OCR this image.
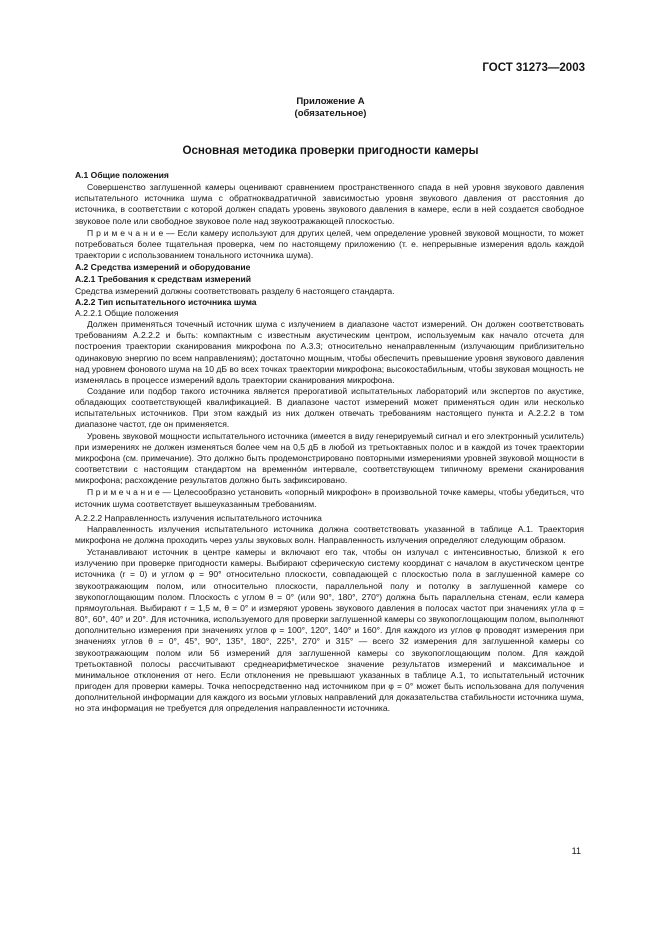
ГОСТ 31273—2003
Приложение А
(обязательное)
Основная методика проверки пригодности камеры

А.1 Общие положения

Совершенство заглушенной камеры оценивают сравнением пространственного спада в ней уровня звукового давления испытательного источника шума с обратноквадратичной зависимостью уровня звукового давления от расстояния до источника, в соответствии с которой должен спадать уровень звукового давления в камере, если в ней создается свободное звуковое поле или свободное звуковое поле над звукоотражающей плоскостью.

П р и м е ч а н и е — Если камеру используют для других целей, чем определение уровней звуковой мощности, то может потребоваться более тщательная проверка, чем по настоящему приложению (т. е. непрерывные измерения вдоль каждой траектории с использованием тонального источника шума).

А.2 Средства измерений и оборудование

А.2.1 Требования к средствам измерений

Средства измерений должны соответствовать разделу 6 настоящего стандарта.

А.2.2 Тип испытательного источника шума

А.2.2.1 Общие положения

Должен применяться точечный источник шума с излучением в диапазоне частот измерений. Он должен соответствовать требованиям А.2.2.2 и быть: компактным с известным акустическим центром, используемым как начало отсчета для построения траектории сканирования микрофона по А.3.3; относительно ненаправленным (излучающим приблизительно одинаковую энергию по всем направлениям); достаточно мощным, чтобы обеспечить превышение уровня звукового давления над уровнем фонового шума на 10 дБ во всех точках траектории микрофона; высокостабильным, чтобы звуковая мощность не изменялась в процессе измерений вдоль траектории сканирования микрофона.

Создание или подбор такого источника является прерогативой испытательных лабораторий или экспертов по акустике, обладающих соответствующей квалификацией. В диапазоне частот измерений может применяться один или несколько испытательных источников. При этом каждый из них должен отвечать требованиям настоящего пункта и А.2.2.2 в том диапазоне частот, где он применяется.

Уровень звуковой мощности испытательного источника (имеется в виду генерируемый сигнал и его электронный усилитель) при измерениях не должен изменяться более чем на 0,5 дБ в любой из третьоктавных полос и в каждой из точек траектории микрофона (см. примечание). Это должно быть продемонстрировано повторными измерениями уровней звуковой мощности в соответствии с настоящим стандартом на временно́м интервале, соответствующем типичному времени сканирования микрофона; расхождение результатов должно быть зафиксировано.

П р и м е ч а н и е — Целесообразно установить «опорный микрофон» в произвольной точке камеры, чтобы убедиться, что источник шума соответствует вышеуказанным требованиям.

А.2.2.2 Направленность излучения испытательного источника

Направленность излучения испытательного источника должна соответствовать указанной в таблице А.1. Траектория микрофона не должна проходить через узлы звуковых волн. Направленность излучения определяют следующим образом.

Устанавливают источник в центре камеры и включают его так, чтобы он излучал с интенсивностью, близкой к его излучению при проверке пригодности камеры. Выбирают сферическую систему координат с началом в акустическом центре источника (r = 0) и углом φ = 90° относительно плоскости, совпадающей с плоскостью пола в заглушенной камере со звукоотражающим полом, или относительно плоскости, параллельной полу и потолку в заглушенной камере со звукопоглощающим полом. Плоскость с углом θ = 0° (или 90°, 180°, 270°) должна быть параллельна стенам, если камера прямоугольная. Выбирают r = 1,5 м, θ = 0° и измеряют уровень звукового давления в полосах частот при значениях угла φ = 80°, 60°, 40° и 20°. Для источника, используемого для проверки заглушенной камеры со звукопоглощающим полом, выполняют дополнительно измерения при значениях углов φ = 100°, 120°, 140° и 160°. Для каждого из углов φ проводят измерения при значениях углов θ = 0°, 45°, 90°, 135°, 180°, 225°, 270° и 315° — всего 32 измерения для заглушенной камеры со звукоотражающим полом или 56 измерений для заглушенной камеры со звукопоглощающим полом. Для каждой третьоктавной полосы рассчитывают среднеарифметическое значение результатов измерений и максимальное и минимальное отклонения от него. Если отклонения не превышают указанных в таблице А.1, то испытательный источник пригоден для проверки камеры. Точка непосредственно над источником при φ = 0° может быть использована для получения дополнительной информации для каждого из восьми угловых направлений для доказательства стабильности источника шума, но эта информация не требуется для определения направленности источника.

11
